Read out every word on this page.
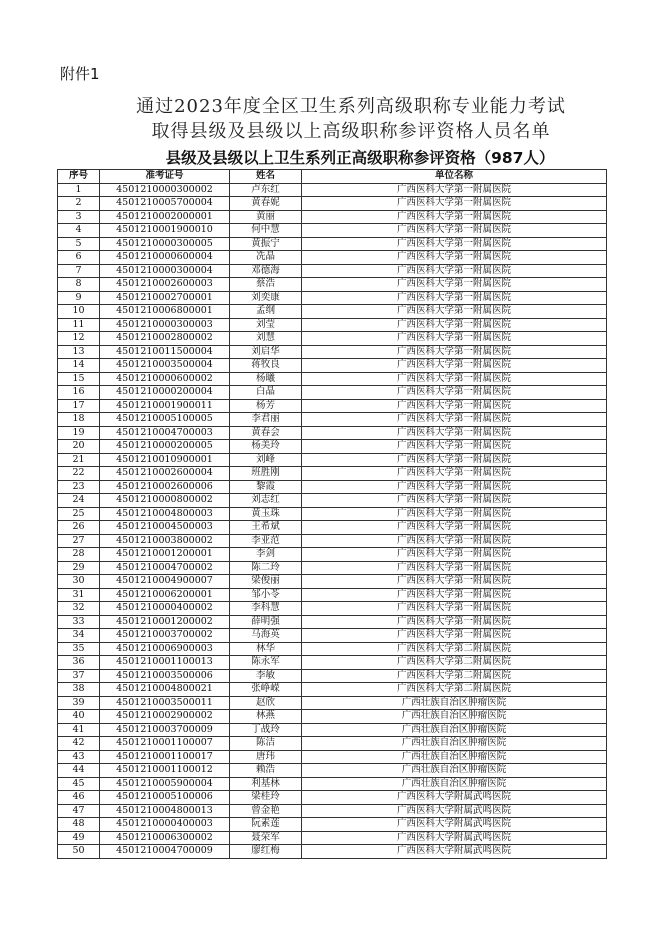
附件1
通过2023年度全区卫生系列高级职称专业能力考试
取得县级及县级以上高级职称参评资格人员名单
县级及县级以上卫生系列正高级职称参评资格（987人）
序号	准考证号	姓名	单位名称
1	4501210000300002	卢东红	广西医科大学第一附属医院
2	4501210005700004	黄春妮	广西医科大学第一附属医院
3	4501210002000001	黄丽	广西医科大学第一附属医院
4	4501210001900010	何中慧	广西医科大学第一附属医院
5	4501210000300005	黄振宁	广西医科大学第一附属医院
6	4501210000600004	冼晶	广西医科大学第一附属医院
7	4501210000300004	邓德海	广西医科大学第一附属医院
8	4501210002600003	蔡浩	广西医科大学第一附属医院
9	4501210002700001	刘奕康	广西医科大学第一附属医院
10	4501210006800001	孟纲	广西医科大学第一附属医院
11	4501210000300003	刘莹	广西医科大学第一附属医院
12	4501210002800002	刘慧	广西医科大学第一附属医院
13	4501210011500004	刘启华	广西医科大学第一附属医院
14	4501210003500004	蒋牧良	广西医科大学第一附属医院
15	4501210000600002	杨曦	广西医科大学第一附属医院
16	4501210000200004	白晶	广西医科大学第一附属医院
17	4501210001900011	杨芳	广西医科大学第一附属医院
18	4501210005100005	李君丽	广西医科大学第一附属医院
19	4501210004700003	黄春会	广西医科大学第一附属医院
20	4501210000200005	杨美玲	广西医科大学第一附属医院
21	4501210010900001	刘峰	广西医科大学第一附属医院
22	4501210002600004	班胜刚	广西医科大学第一附属医院
23	4501210002600006	黎霞	广西医科大学第一附属医院
24	4501210000800002	刘志红	广西医科大学第一附属医院
25	4501210004800003	黄玉珠	广西医科大学第一附属医院
26	4501210004500003	王希斌	广西医科大学第一附属医院
27	4501210003800002	李亚范	广西医科大学第一附属医院
28	4501210001200001	李剑	广西医科大学第一附属医院
29	4501210004700002	陈二玲	广西医科大学第一附属医院
30	4501210004900007	梁俊丽	广西医科大学第一附属医院
31	4501210006200001	邹小苓	广西医科大学第一附属医院
32	4501210000400002	李科慧	广西医科大学第一附属医院
33	4501210001200002	薛明强	广西医科大学第一附属医院
34	4501210003700002	马海英	广西医科大学第一附属医院
35	4501210006900003	林华	广西医科大学第二附属医院
36	4501210001100013	陈永军	广西医科大学第二附属医院
37	4501210003500006	李敏	广西医科大学第二附属医院
38	4501210004800021	张峥嵘	广西医科大学第二附属医院
39	4501210003500011	赵欣	广西壮族自治区肿瘤医院
40	4501210002900002	林燕	广西壮族自治区肿瘤医院
41	4501210003700009	丁战玲	广西壮族自治区肿瘤医院
42	4501210001100007	陈洁	广西壮族自治区肿瘤医院
43	4501210001100017	唐玮	广西壮族自治区肿瘤医院
44	4501210001100012	赖浩	广西壮族自治区肿瘤医院
45	4501210005900004	利基林	广西壮族自治区肿瘤医院
46	4501210005100006	梁桂玲	广西医科大学附属武鸣医院
47	4501210004800013	曾金艳	广西医科大学附属武鸣医院
48	4501210000400003	阮素莲	广西医科大学附属武鸣医院
49	4501210006300002	聂荣军	广西医科大学附属武鸣医院
50	4501210004700009	廖红梅	广西医科大学附属武鸣医院
